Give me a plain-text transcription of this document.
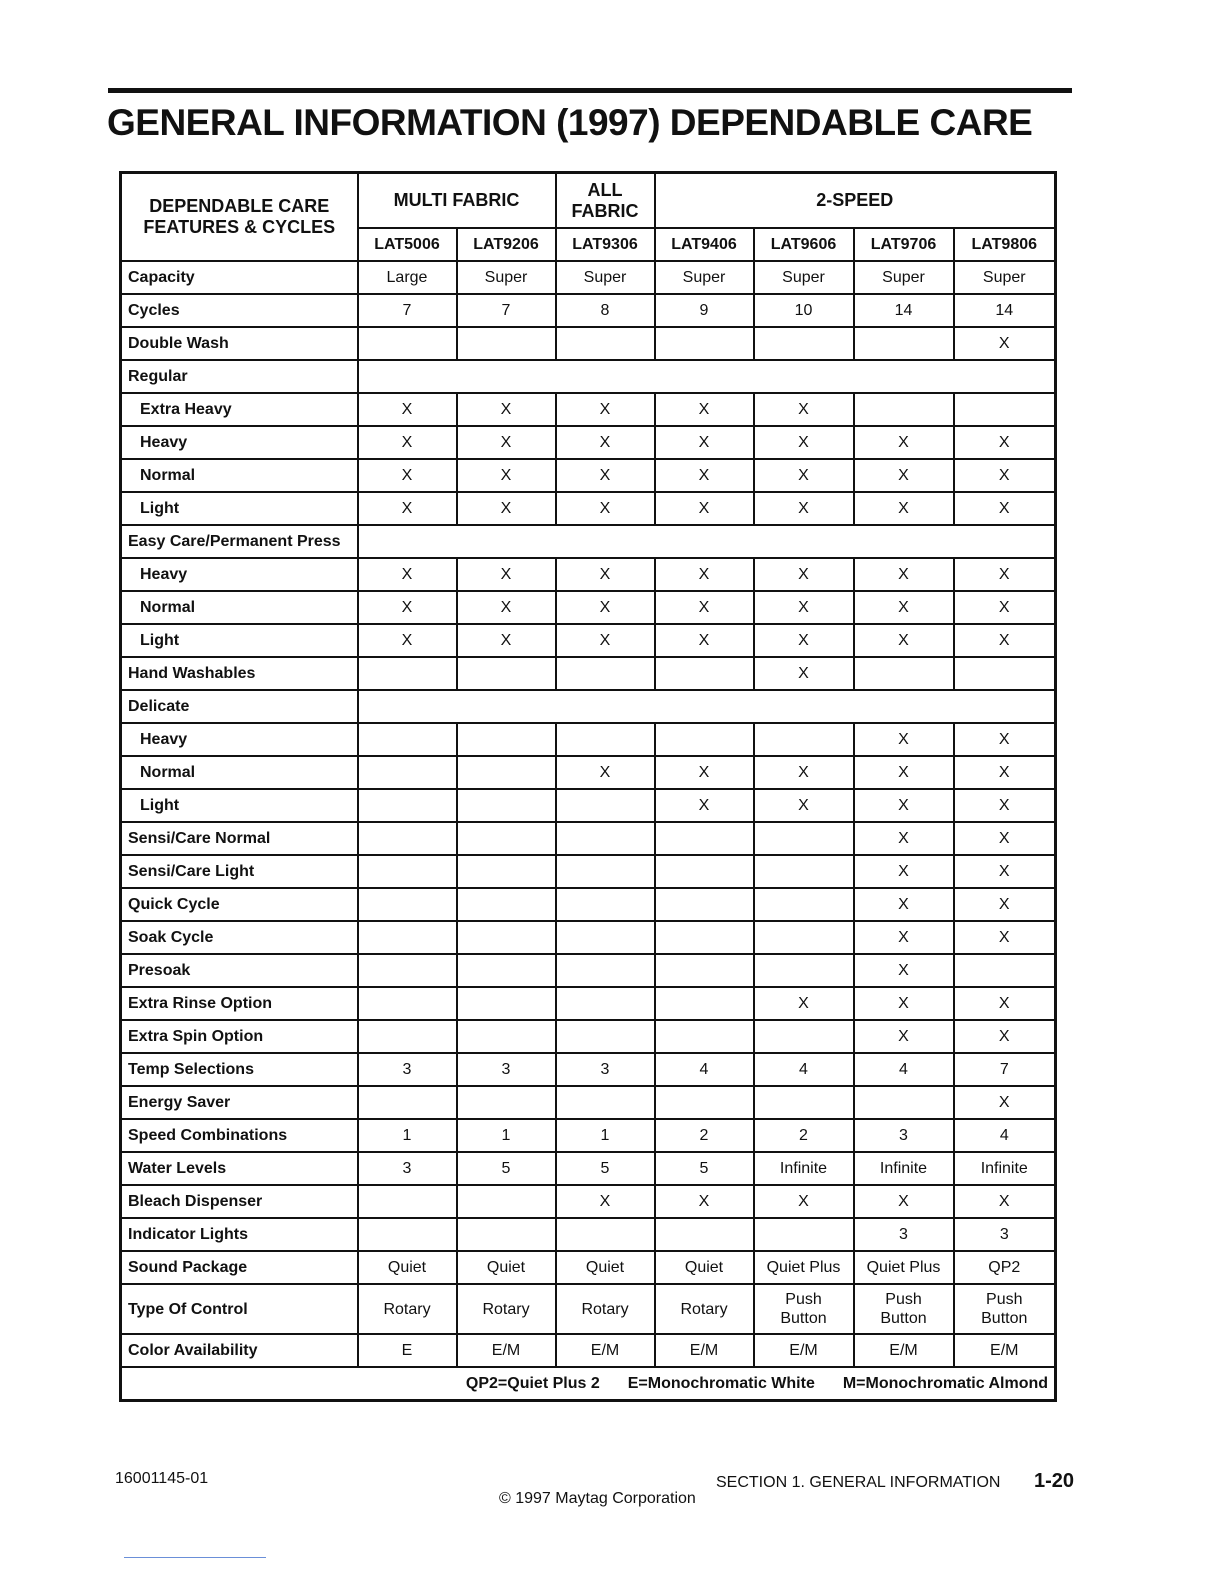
GENERAL INFORMATION (1997) DEPENDABLE CARE
DEPENDABLE CARE FEATURES & CYCLES	MULTI FABRIC		ALL FABRIC	2-SPEED			
	LAT5006	LAT9206	LAT9306	LAT9406	LAT9606	LAT9706	LAT9806
Capacity	Large	Super	Super	Super	Super	Super	Super
Cycles	7	7	8	9	10	14	14
Double Wash							X
Regular							
Extra Heavy	X	X	X	X	X		
Heavy	X	X	X	X	X	X	X
Normal	X	X	X	X	X	X	X
Light	X	X	X	X	X	X	X
Easy Care/Permanent Press							
Heavy	X	X	X	X	X	X	X
Normal	X	X	X	X	X	X	X
Light	X	X	X	X	X	X	X
Hand Washables					X		
Delicate							
Heavy						X	X
Normal			X	X	X	X	X
Light				X	X	X	X
Sensi/Care Normal						X	X
Sensi/Care Light						X	X
Quick Cycle						X	X
Soak Cycle						X	X
Presoak						X	
Extra Rinse Option					X	X	X
Extra Spin Option						X	X
Temp Selections	3	3	3	4	4	4	7
Energy Saver							X
Speed Combinations	1	1	1	2	2	3	4
Water Levels	3	5	5	5	Infinite	Infinite	Infinite
Bleach Dispenser			X	X	X	X	X
Indicator Lights						3	3
Sound Package	Quiet	Quiet	Quiet	Quiet	Quiet Plus	Quiet Plus	QP2
Type Of Control	Rotary	Rotary	Rotary	Rotary	Push Button	Push Button	Push Button
Color Availability	E	E/M	E/M	E/M	E/M	E/M	E/M
QP2=Quiet Plus 2 E=Monochromatic White M=Monochromatic Almond							
16001145-01	SECTION 1. GENERAL INFORMATION 1-20
© 1997 Maytag Corporation
